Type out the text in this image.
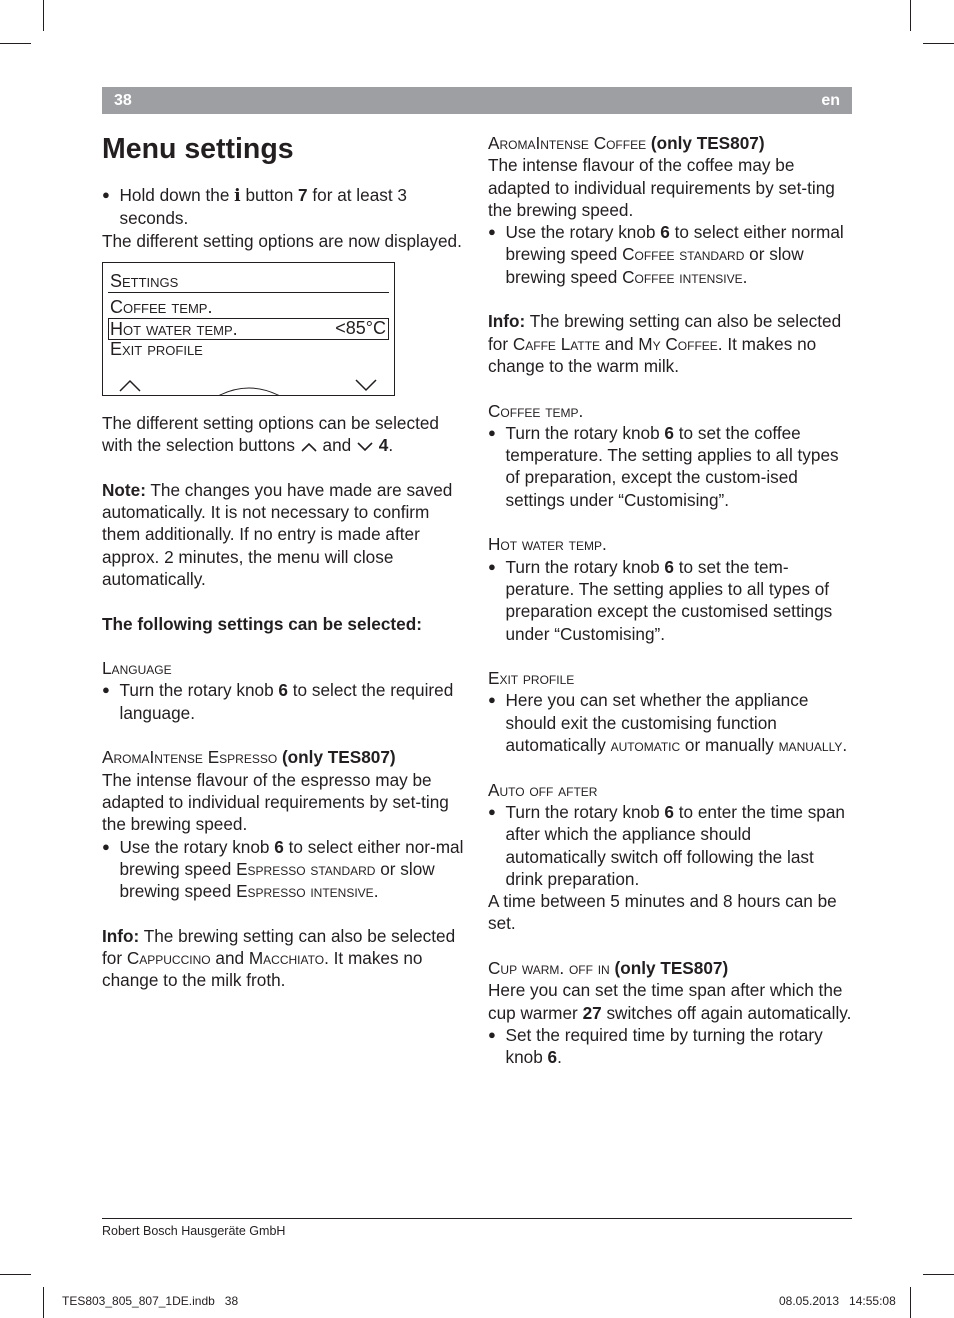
38	en
Menu settings

● Hold down the i button 7 for at least 3 seconds.

The different setting options are now displayed.

Settings
Coffee temp.
Hot water temp.	<85°C
Exit profile

The different setting options can be selected with the selection buttons  and  4.

Note: The changes you have made are saved automatically. It is not necessary to confirm them additionally. If no entry is made after approx. 2 minutes, the menu will close automatically.

The following settings can be selected:

Language

● Turn the rotary knob 6 to select the required language.

AromaIntense Espresso (only TES807)

The intense flavour of the espresso may be adapted to individual requirements by set-ting the brewing speed.

● Use the rotary knob 6 to select either nor-mal brewing speed Espresso standard or slow brewing speed Espresso intensive.

Info: The brewing setting can also be selected for Cappuccino and Macchiato. It makes no change to the milk froth.

AromaIntense Coffee (only TES807)

The intense flavour of the coffee may be adapted to individual requirements by set-ting the brewing speed.

● Use the rotary knob 6 to select either normal brewing speed Coffee standard or slow brewing speed Coffee intensive.

Info: The brewing setting can also be selected for Caffe Latte and My Coffee. It makes no change to the warm milk.

Coffee temp.

● Turn the rotary knob 6 to set the coffee temperature. The setting applies to all types of preparation, except the custom-ised settings under “Customising”.

Hot water temp.

● Turn the rotary knob 6 to set the tem-perature. The setting applies to all types of preparation except the customised settings under “Customising”.

Exit profile

● Here you can set whether the appliance should exit the customising function automatically automatic or manually manually.

Auto off after

● Turn the rotary knob 6 to enter the time span after which the appliance should automatically switch off following the last drink preparation.

A time between 5 minutes and 8 hours can be set.

Cup warm. off in (only TES807)

Here you can set the time span after which the cup warmer 27 switches off again automatically.

● Set the required time by turning the rotary knob 6.

Robert Bosch Hausgeräte GmbH
TES803_805_807_1DE.indb   38	08.05.2013   14:55:08
